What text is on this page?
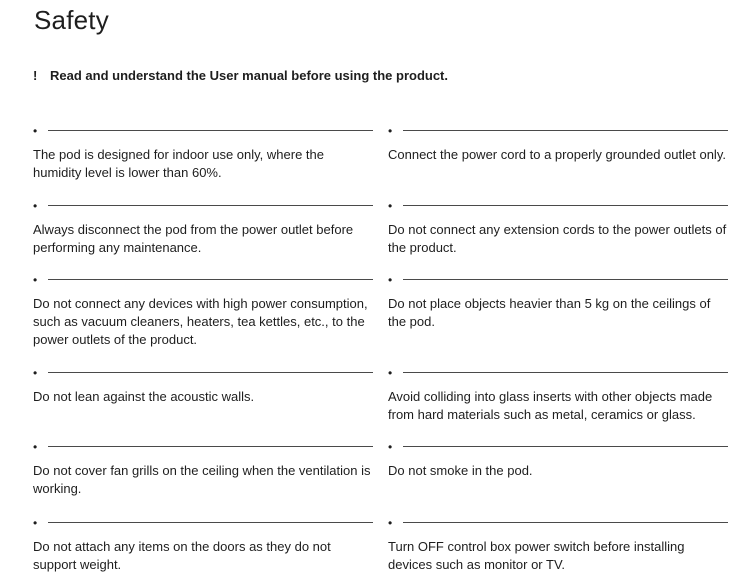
Safety
! Read and understand the User manual before using the product.
•
The pod is designed for indoor use only, where the humidity level is lower than 60%.
•
Connect the power cord to a properly grounded outlet only.
•
Always disconnect the pod from the power outlet before performing any maintenance.
•
Do not connect any extension cords to the power outlets of the product.
•
Do not connect any devices with high power consumption, such as vacuum cleaners, heaters, tea kettles, etc., to the power outlets of the product.
•
Do not place objects heavier than 5 kg on the ceilings of the pod.
•
Do not lean against the acoustic walls.
•
Avoid colliding into glass inserts with other objects made from hard materials such as metal, ceramics or glass.
•
Do not cover fan grills on the ceiling when the ventilation is working.
•
Do not smoke in the pod.
•
Do not attach any items on the doors as they do not support weight.
•
Turn OFF control box power switch before installing devices such as monitor or TV.
